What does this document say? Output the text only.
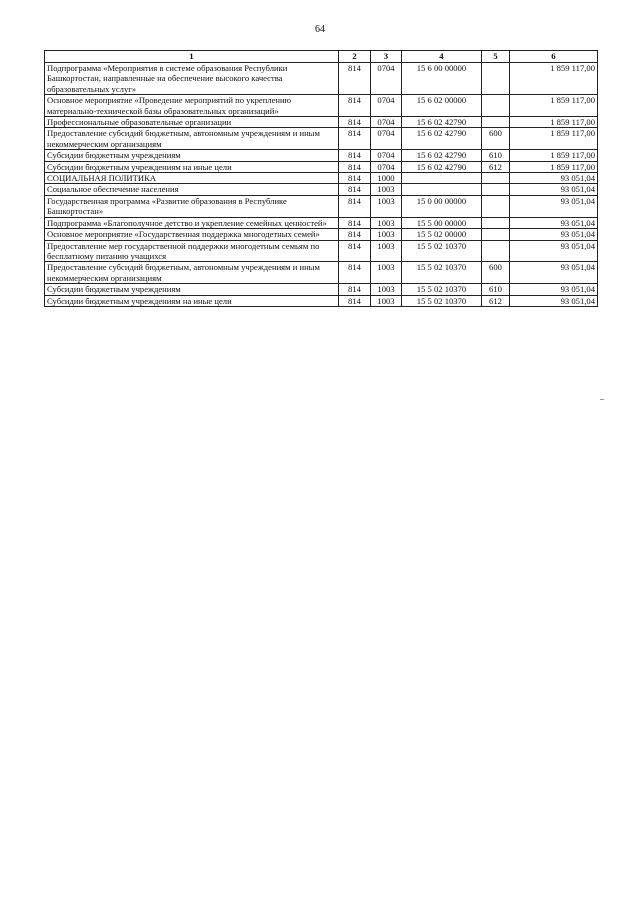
64
1	2	3	4	5	6
Подпрограмма «Мероприятия в системе образования Республики Башкортостан, направленные на обеспечение высокого качества образовательных услуг»	814	0704	15 6 00 00000		1 859 117,00
Основное мероприятие «Проведение мероприятий по укреплению материально-технической базы образовательных организаций»	814	0704	15 6 02 00000		1 859 117,00
Профессиональные образовательные организации	814	0704	15 6 02 42790		1 859 117,00
Предоставление субсидий бюджетным, автономным учреждениям и иным некоммерческим организациям	814	0704	15 6 02 42790	600	1 859 117,00
Субсидии бюджетным учреждениям	814	0704	15 6 02 42790	610	1 859 117,00
Субсидии бюджетным учреждениям на иные цели	814	0704	15 6 02 42790	612	1 859 117,00
СОЦИАЛЬНАЯ ПОЛИТИКА	814	1000			93 051,04
Социальное обеспечение населения	814	1003			93 051,04
Государственная программа «Развитие образования в Республике Башкортостан»	814	1003	15 0 00 00000		93 051,04
Подпрограмма «Благополучное детство и укрепление семейных ценностей»	814	1003	15 5 00 00000		93 051,04
Основное мероприятие «Государственная поддержка многодетных семей»	814	1003	15 5 02 00000		93 051,04
Предоставление мер государственной поддержки многодетным семьям по бесплатному питанию учащихся	814	1003	15 5 02 10370		93 051,04
Предоставление субсидий бюджетным, автономным учреждениям и иным некоммерческим организациям	814	1003	15 5 02 10370	600	93 051,04
Субсидии бюджетным учреждениям	814	1003	15 5 02 10370	610	93 051,04
Субсидии бюджетным учреждениям на иные цели	814	1003	15 5 02 10370	612	93 051,04
